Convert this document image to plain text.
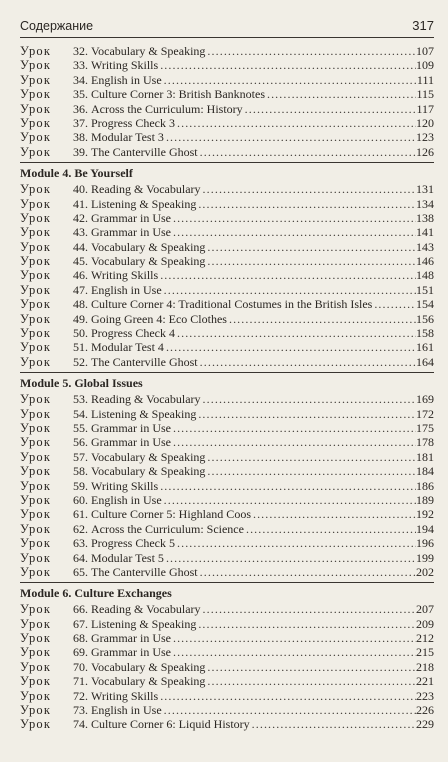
Содержание	317
Урок	32. Vocabulary & Speaking .....	107
Урок	33. Writing Skills .....	109
Урок	34. English in Use .....	111
Урок	35. Culture Corner 3: British Banknotes .....	115
Урок	36. Across the Curriculum: History .....	117
Урок	37. Progress Check 3 .....	120
Урок	38. Modular Test 3 .....	123
Урок	39. The Canterville Ghost .....	126
Module 4. Be Yourself
Урок	40. Reading & Vocabulary .....	131
Урок	41. Listening & Speaking .....	134
Урок	42. Grammar in Use .....	138
Урок	43. Grammar in Use .....	141
Урок	44. Vocabulary & Speaking .....	143
Урок	45. Vocabulary & Speaking .....	146
Урок	46. Writing Skills .....	148
Урок	47. English in Use .....	151
Урок	48. Culture Corner 4: Traditional Costumes in the British Isles .....	154
Урок	49. Going Green 4: Eco Clothes .....	156
Урок	50. Progress Check 4 .....	158
Урок	51. Modular Test 4 .....	161
Урок	52. The Canterville Ghost .....	164
Module 5. Global Issues
Урок	53. Reading & Vocabulary .....	169
Урок	54. Listening & Speaking .....	172
Урок	55. Grammar in Use .....	175
Урок	56. Grammar in Use .....	178
Урок	57. Vocabulary & Speaking .....	181
Урок	58. Vocabulary & Speaking .....	184
Урок	59. Writing Skills .....	186
Урок	60. English in Use .....	189
Урок	61. Culture Corner 5: Highland Coos .....	192
Урок	62. Across the Curriculum: Science .....	194
Урок	63. Progress Check 5 .....	196
Урок	64. Modular Test 5 .....	199
Урок	65. The Canterville Ghost .....	202
Module 6. Culture Exchanges
Урок	66. Reading & Vocabulary .....	207
Урок	67. Listening & Speaking .....	209
Урок	68. Grammar in Use .....	212
Урок	69. Grammar in Use .....	215
Урок	70. Vocabulary & Speaking .....	218
Урок	71. Vocabulary & Speaking .....	221
Урок	72. Writing Skills .....	223
Урок	73. English in Use .....	226
Урок	74. Culture Corner 6: Liquid History .....	229
